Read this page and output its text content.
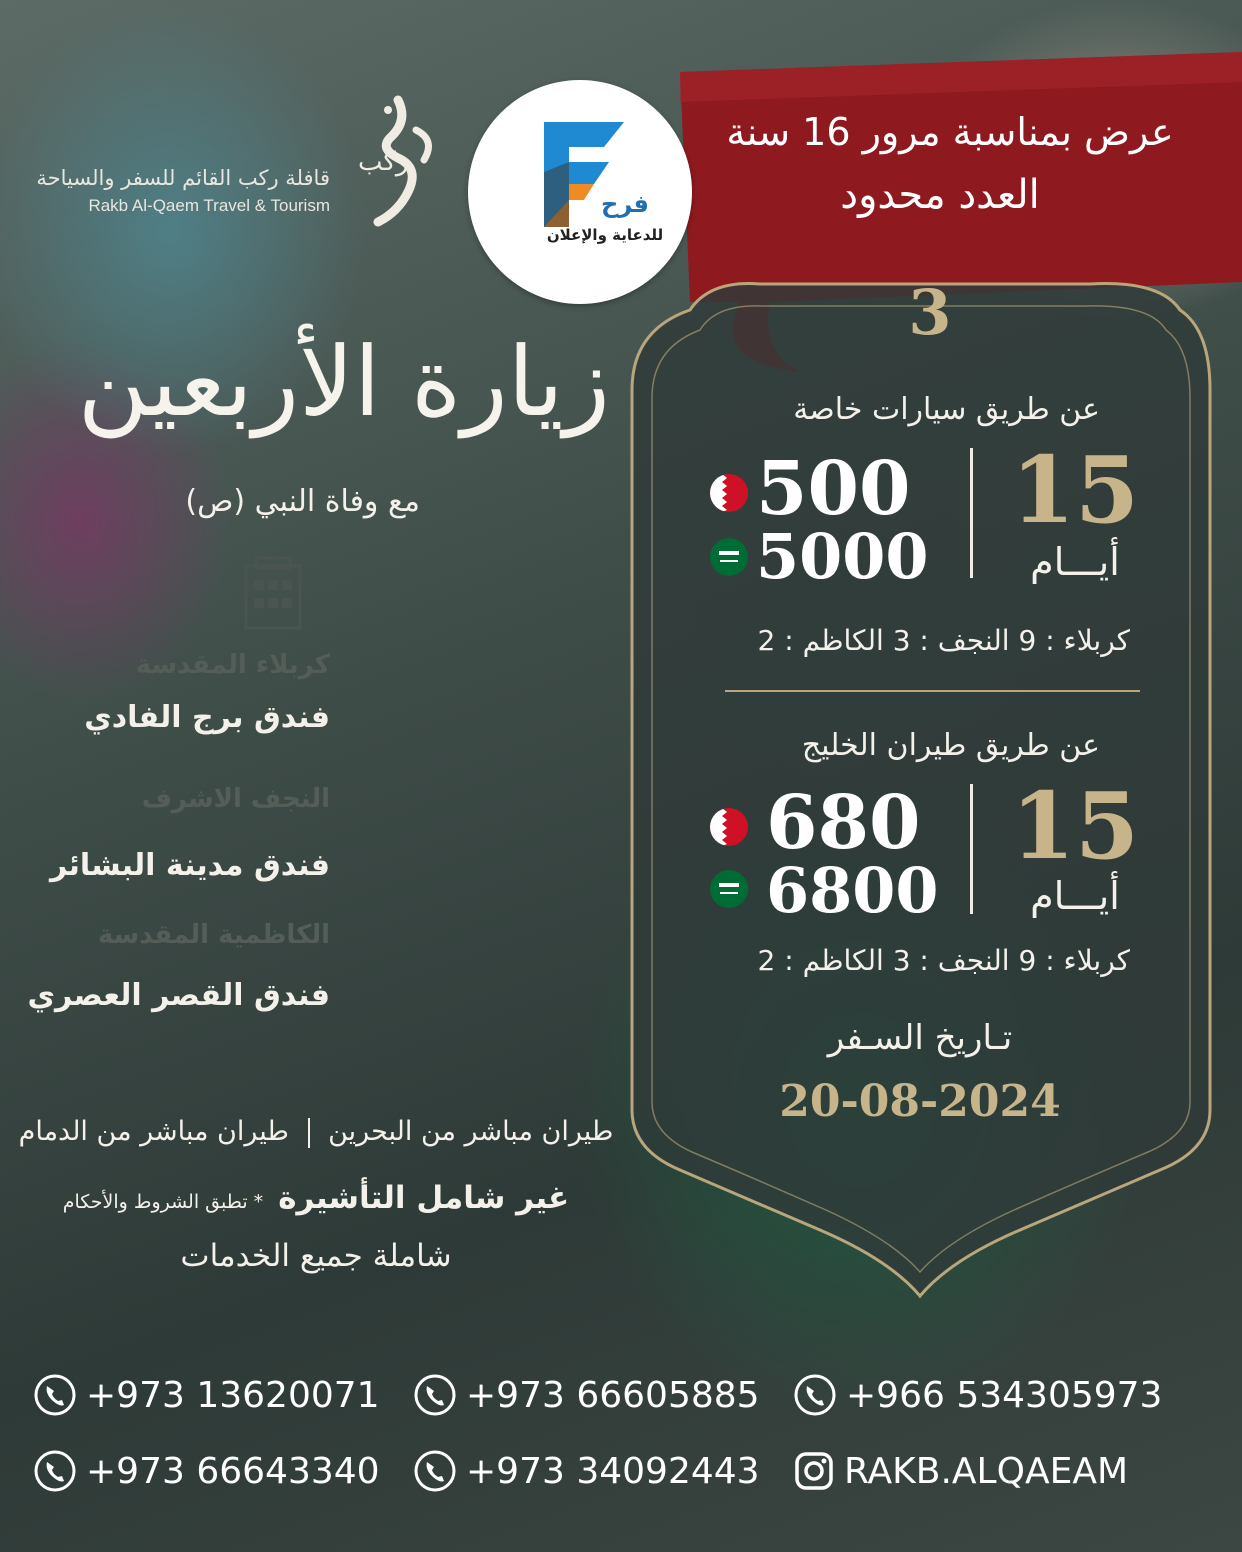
ركب
قافلة ركب القائم للسفر والسياحة
Rakb Al-Qaem Travel & Tourism
عرض بمناسبة مرور 16 سنة
العدد محدود
فرح
للدعاية والإعلان
زيارة الأربعين
مع وفاة النبي (ص)
كربلاء المقدسة
فندق برج الفادي
النجف الاشرف
فندق مدينة البشائر
الكاظمية المقدسة
فندق القصر العصري
طيران مباشر من البحرين  طيران مباشر من الدمام
غير شامل التأشيرة * تطبق الشروط والأحكام
شاملة جميع الخدمات
3
عن طريق سيارات خاصة
15
أيـــام
500
5000
كربلاء : 9 النجف : 3 الكاظم : 2
عن طريق طيران الخليج
15
أيـــام
680
6800
كربلاء : 9 النجف : 3 الكاظم : 2
تـاريخ السـفر
20-08-2024
+973 13620071 +973 66605885 +966 534305973
+973 66643340 +973 34092443 RAKB.ALQAEAM
